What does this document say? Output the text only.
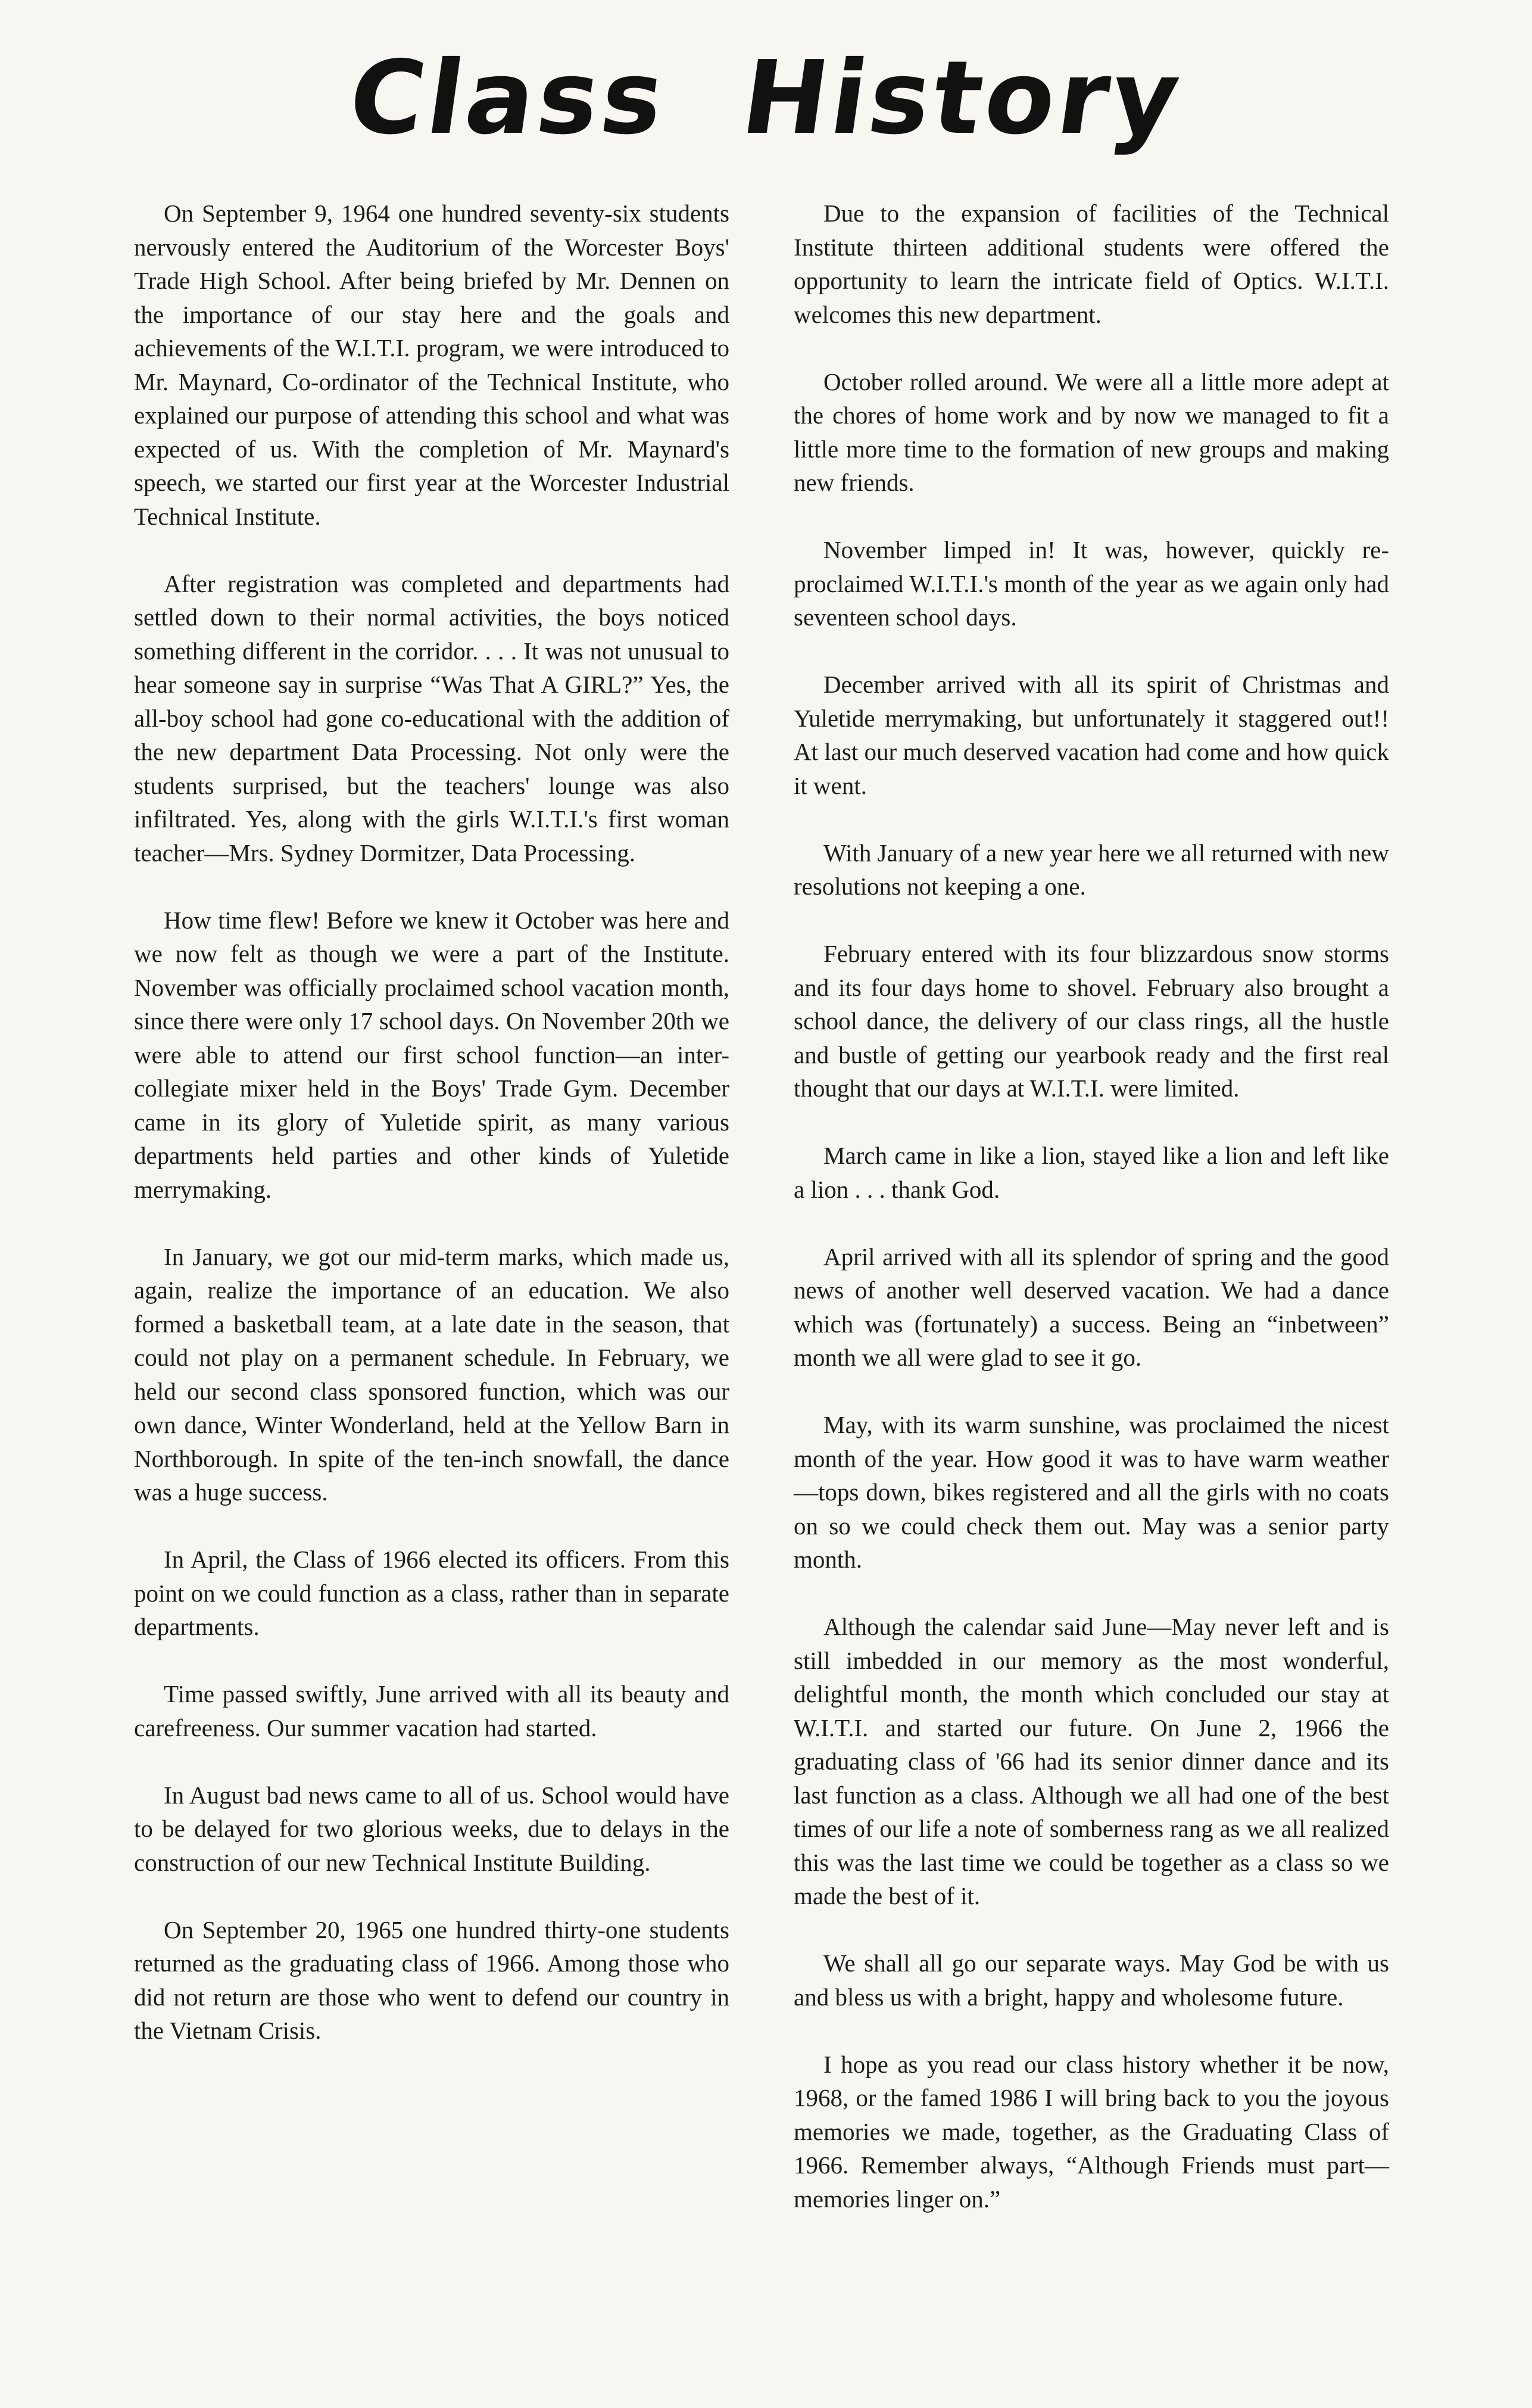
Class History

On September 9, 1964 one hundred seventy-six students nervously entered the Auditorium of the Worcester Boys' Trade High School. After being briefed by Mr. Dennen on the importance of our stay here and the goals and achievements of the W.I.T.I. program, we were introduced to Mr. Maynard, Co-ordinator of the Technical Institute, who explained our purpose of attending this school and what was expected of us. With the completion of Mr. Maynard's speech, we started our first year at the Worcester Industrial Technical Institute.

After registration was completed and departments had settled down to their normal activities, the boys noticed something different in the corridor. . . . It was not unusual to hear someone say in surprise “Was That A GIRL?” Yes, the all-boy school had gone co-educational with the addition of the new department Data Processing. Not only were the students surprised, but the teachers' lounge was also infiltrated. Yes, along with the girls W.I.T.I.'s first woman teacher—Mrs. Sydney Dormitzer, Data Processing.

How time flew! Before we knew it October was here and we now felt as though we were a part of the Institute. November was officially proclaimed school vacation month, since there were only 17 school days. On November 20th we were able to attend our first school function—an inter-collegiate mixer held in the Boys' Trade Gym. December came in its glory of Yuletide spirit, as many various departments held parties and other kinds of Yuletide merrymaking.

In January, we got our mid-term marks, which made us, again, realize the importance of an education. We also formed a basketball team, at a late date in the season, that could not play on a permanent schedule. In February, we held our second class sponsored function, which was our own dance, Winter Wonderland, held at the Yellow Barn in Northborough. In spite of the ten-inch snowfall, the dance was a huge success.

In April, the Class of 1966 elected its officers. From this point on we could function as a class, rather than in separate departments.

Time passed swiftly, June arrived with all its beauty and carefreeness. Our summer vacation had started.

In August bad news came to all of us. School would have to be delayed for two glorious weeks, due to delays in the construction of our new Technical Institute Building.

On September 20, 1965 one hundred thirty-one students returned as the graduating class of 1966. Among those who did not return are those who went to defend our country in the Vietnam Crisis.

Due to the expansion of facilities of the Technical Institute thirteen additional students were offered the opportunity to learn the intricate field of Optics. W.I.T.I. welcomes this new department.

October rolled around. We were all a little more adept at the chores of home work and by now we managed to fit a little more time to the formation of new groups and making new friends.

November limped in! It was, however, quickly re-proclaimed W.I.T.I.'s month of the year as we again only had seventeen school days.

December arrived with all its spirit of Christmas and Yuletide merrymaking, but unfortunately it staggered out!! At last our much deserved vacation had come and how quick it went.

With January of a new year here we all returned with new resolutions not keeping a one.

February entered with its four blizzardous snow storms and its four days home to shovel. February also brought a school dance, the delivery of our class rings, all the hustle and bustle of getting our yearbook ready and the first real thought that our days at W.I.T.I. were limited.

March came in like a lion, stayed like a lion and left like a lion . . . thank God.

April arrived with all its splendor of spring and the good news of another well deserved vacation. We had a dance which was (fortunately) a success. Being an “inbetween” month we all were glad to see it go.

May, with its warm sunshine, was proclaimed the nicest month of the year. How good it was to have warm weather—tops down, bikes registered and all the girls with no coats on so we could check them out. May was a senior party month.

Although the calendar said June—May never left and is still imbedded in our memory as the most wonderful, delightful month, the month which concluded our stay at W.I.T.I. and started our future. On June 2, 1966 the graduating class of '66 had its senior dinner dance and its last function as a class. Although we all had one of the best times of our life a note of somberness rang as we all realized this was the last time we could be together as a class so we made the best of it.

We shall all go our separate ways. May God be with us and bless us with a bright, happy and wholesome future.

I hope as you read our class history whether it be now, 1968, or the famed 1986 I will bring back to you the joyous memories we made, together, as the Graduating Class of 1966. Remember always, “Although Friends must part—memories linger on.”
